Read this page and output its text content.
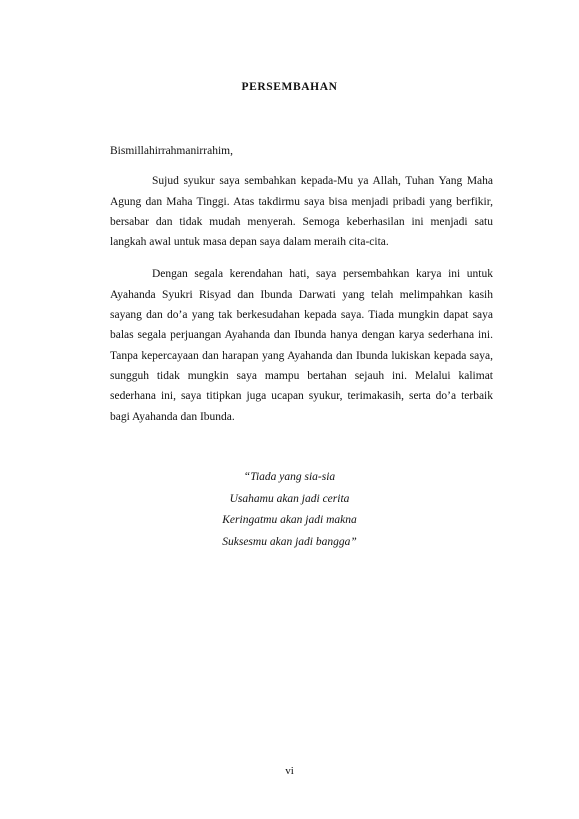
PERSEMBAHAN

Bismillahirrahmanirrahim,

Sujud syukur saya sembahkan kepada-Mu ya Allah, Tuhan Yang Maha Agung dan Maha Tinggi. Atas takdirmu saya bisa menjadi pribadi yang berfikir, bersabar dan tidak mudah menyerah. Semoga keberhasilan ini menjadi satu langkah awal untuk masa depan saya dalam meraih cita-cita.

Dengan segala kerendahan hati, saya persembahkan karya ini untuk Ayahanda Syukri Risyad dan Ibunda Darwati yang telah melimpahkan kasih sayang dan do’a yang tak berkesudahan kepada saya. Tiada mungkin dapat saya balas segala perjuangan Ayahanda dan Ibunda hanya dengan karya sederhana ini. Tanpa kepercayaan dan harapan yang Ayahanda dan Ibunda lukiskan kepada saya, sungguh tidak mungkin saya mampu bertahan sejauh ini. Melalui kalimat sederhana ini, saya titipkan juga ucapan syukur, terimakasih, serta do’a terbaik bagi Ayahanda dan Ibunda.

“Tiada yang sia-sia
Usahamu akan jadi cerita
Keringatmu akan jadi makna
Suksesmu akan jadi bangga”
vi
